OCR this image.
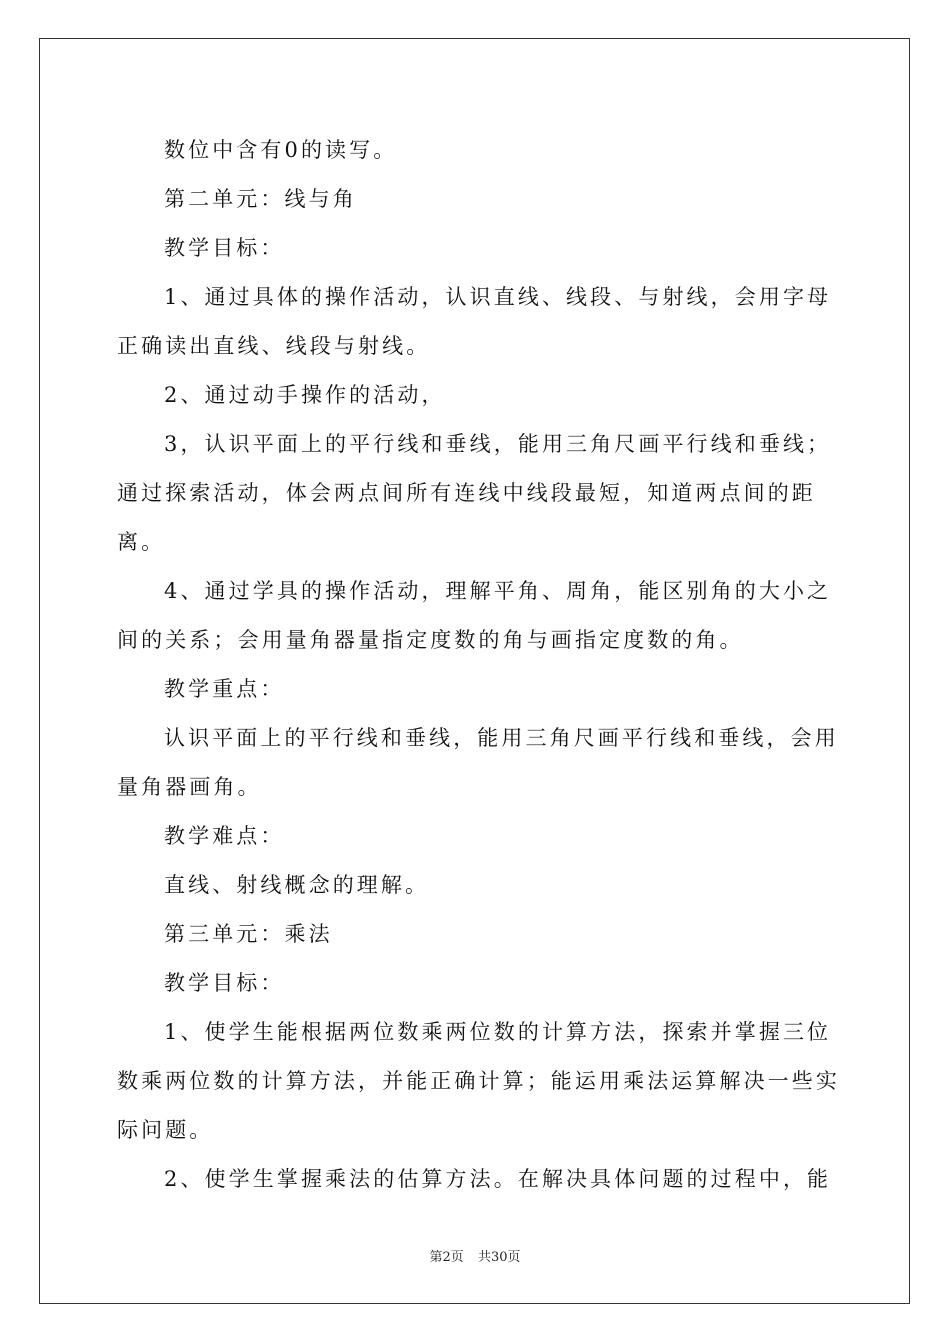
数位中含有0的读写。

第二单元：线与角

教学目标：

1、通过具体的操作活动，认识直线、线段、与射线，会用字母正确读出直线、线段与射线。

2、通过动手操作的活动，

3，认识平面上的平行线和垂线，能用三角尺画平行线和垂线；通过探索活动，体会两点间所有连线中线段最短，知道两点间的距离。

4、通过学具的操作活动，理解平角、周角，能区别角的大小之间的关系；会用量角器量指定度数的角与画指定度数的角。

教学重点：

认识平面上的平行线和垂线，能用三角尺画平行线和垂线，会用量角器画角。

教学难点：

直线、射线概念的理解。

第三单元：乘法

教学目标：

1、使学生能根据两位数乘两位数的计算方法，探索并掌握三位数乘两位数的计算方法，并能正确计算；能运用乘法运算解决一些实际问题。

2、使学生掌握乘法的估算方法。在解决具体问题的过程中，能

第2页 共30页
